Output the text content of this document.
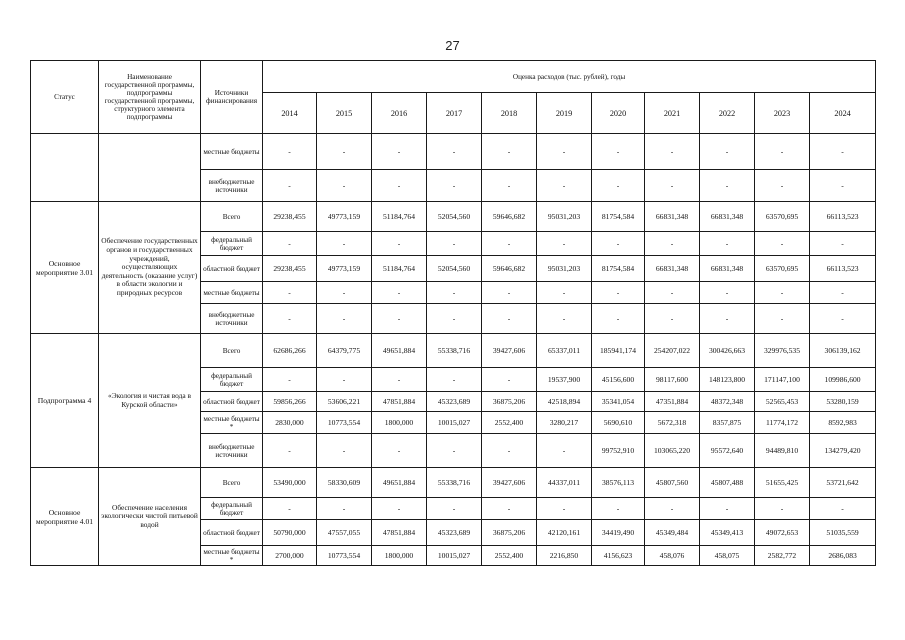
27
Статус	Наименование государственной программы, подпрограммы государственной программы, структурного элемента подпрограммы	Источники финансирования	Оценка расходов (тыс. рублей), годы										
			2014	2015	2016	2017	2018	2019	2020	2021	2022	2023	2024
		местные бюджеты	-	-	-	-	-	-	-	-	-	-	-
		внебюджетные источники	-	-	-	-	-	-	-	-	-	-	-
Основное мероприятие 3.01	Обеспечение государственных органов и государственных учреждений, осуществляющих деятельность (оказание услуг) в области экологии и природных ресурсов	Всего	29238,455	49773,159	51184,764	52054,560	59646,682	95031,203	81754,584	66831,348	66831,348	63570,695	66113,523
		федеральный бюджет	-	-	-	-	-	-	-	-	-	-	-
		областной бюджет	29238,455	49773,159	51184,764	52054,560	59646,682	95031,203	81754,584	66831,348	66831,348	63570,695	66113,523
		местные бюджеты	-	-	-	-	-	-	-	-	-	-	-
		внебюджетные источники	-	-	-	-	-	-	-	-	-	-	-
Подпрограмма 4	«Экология и чистая вода в Курской области»	Всего	62686,266	64379,775	49651,884	55338,716	39427,606	65337,011	185941,174	254207,022	300426,663	329976,535	306139,162
		федеральный бюджет	-	-	-	-	-	19537,900	45156,600	98117,600	148123,800	171147,100	109986,600
		областной бюджет	59856,266	53606,221	47851,884	45323,689	36875,206	42518,894	35341,054	47351,884	48372,348	52565,453	53280,159
		местные бюджеты *	2830,000	10773,554	1800,000	10015,027	2552,400	3280,217	5690,610	5672,318	8357,875	11774,172	8592,983
		внебюджетные источники	-	-	-	-	-	-	99752,910	103065,220	95572,640	94489,810	134279,420
Основное мероприятие 4.01	Обеспечение населения экологически чистой питьевой водой	Всего	53490,000	58330,609	49651,884	55338,716	39427,606	44337,011	38576,113	45807,560	45807,488	51655,425	53721,642
		федеральный бюджет	-	-	-	-	-	-	-	-	-	-	-
		областной бюджет	50790,000	47557,055	47851,884	45323,689	36875,206	42120,161	34419,490	45349,484	45349,413	49072,653	51035,559
		местные бюджеты *	2700,000	10773,554	1800,000	10015,027	2552,400	2216,850	4156,623	458,076	458,075	2582,772	2686,083
